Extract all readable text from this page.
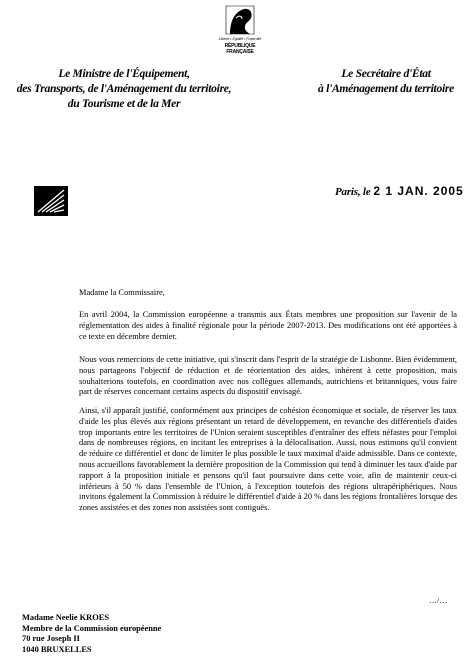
Liberté • Égalité • Fraternité
RÉPUBLIQUE FRANÇAISE
Le Ministre de l'Équipement,
des Transports, de l'Aménagement du territoire,
du Tourisme et de la Mer
Le Secrétaire d'État
à l'Aménagement du territoire
Paris, le 2 1 JAN. 2005
Madame la Commissaire,
En avril 2004, la Commission européenne a transmis aux États membres une proposition sur l'avenir de la réglementation des aides à finalité régionale pour la période 2007-2013. Des modifications ont été apportées à ce texte en décembre dernier.
Nous vous remercions de cette initiative, qui s'inscrit dans l'esprit de la stratégie de Lisbonne. Bien évidemment, nous partageons l'objectif de réduction et de réorientation des aides, inhérent à cette proposition, mais souhaiterions toutefois, en coordination avec nos collègues allemands, autrichiens et britanniques, vous faire part de réserves concernant certains aspects du dispositif envisagé.
Ainsi, s'il apparaît justifié, conformément aux principes de cohésion économique et sociale, de réserver les taux d'aide les plus élevés aux régions présentant un retard de développement, en revanche des différentiels d'aides trop importants entre les territoires de l'Union seraient susceptibles d'entraîner des effets néfastes pour l'emploi dans de nombreuses régions, en incitant les entreprises à la délocalisation. Aussi, nous estimons qu'il convient de réduire ce différentiel et donc de limiter le plus possible le taux maximal d'aide admissible. Dans ce contexte, nous accueillons favorablement la dernière proposition de la Commission qui tend à diminuer les taux d'aide par rapport à la proposition initiale et pensons qu'il faut poursuivre dans cette voie, afin de maintenir ceux-ci inférieurs à 50 % dans l'ensemble de l'Union, à l'exception toutefois des régions ultrapériphériques. Nous invitons également la Commission à réduire le différentiel d'aide à 20 % dans les régions frontalières lorsque des zones assistées et des zones non assistées sont contiguës.
…/…
Madame Neelie KROES
Membre de la Commission européenne
70 rue Joseph II
1040 BRUXELLES
